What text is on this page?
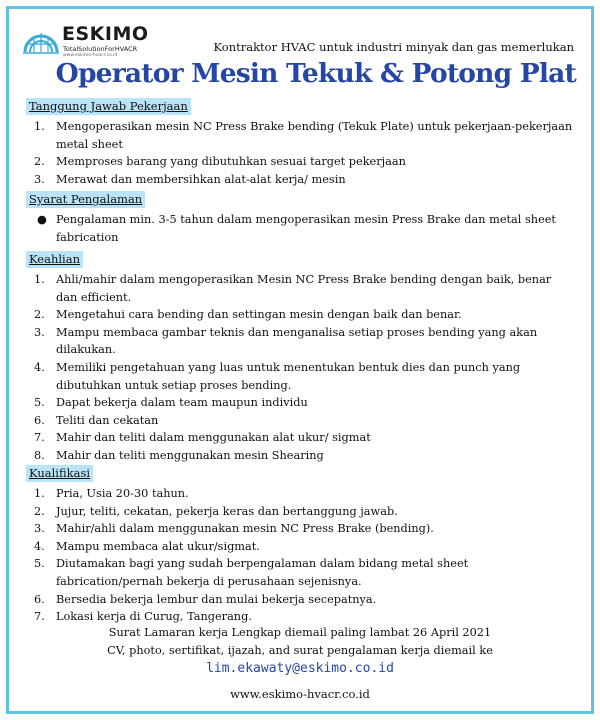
ESKIMO
TotalSolutionForHVACR
www.eskimo-hvacr.co.id
Kontraktor HVAC untuk industri minyak dan gas memerlukan
Operator Mesin Tekuk & Potong Plat
Tanggung Jawab Pekerjaan
1. Mengoperasikan mesin NC Press Brake bending (Tekuk Plate) untuk pekerjaan-pekerjaan metal sheet
2. Memproses barang yang dibutuhkan sesuai target pekerjaan
3. Merawat dan membersihkan alat-alat kerja/ mesin
Syarat Pengalaman
● Pengalaman min. 3-5 tahun dalam mengoperasikan mesin Press Brake dan metal sheet fabrication
Keahlian
1. Ahli/mahir dalam mengoperasikan Mesin NC Press Brake bending dengan baik, benar dan efficient.
2. Mengetahui cara bending dan settingan mesin dengan baik dan benar.
3. Mampu membaca gambar teknis dan menganalisa setiap proses bending yang akan dilakukan.
4. Memiliki pengetahuan yang luas untuk menentukan bentuk dies dan punch yang dibutuhkan untuk setiap proses bending.
5. Dapat bekerja dalam team maupun individu
6. Teliti dan cekatan
7. Mahir dan teliti dalam menggunakan alat ukur/ sigmat
8. Mahir dan teliti menggunakan mesin Shearing
Kualifikasi
1. Pria, Usia 20-30 tahun.
2. Jujur, teliti, cekatan, pekerja keras dan bertanggung jawab.
3. Mahir/ahli dalam menggunakan mesin NC Press Brake (bending).
4. Mampu membaca alat ukur/sigmat.
5. Diutamakan bagi yang sudah berpengalaman dalam bidang metal sheet fabrication/pernah bekerja di perusahaan sejenisnya.
6. Bersedia bekerja lembur dan mulai bekerja secepatnya.
7. Lokasi kerja di Curug, Tangerang.
Surat Lamaran kerja Lengkap diemail paling lambat 26 April 2021
CV, photo, sertifikat, ijazah, and surat pengalaman kerja diemail ke
lim.ekawaty@eskimo.co.id
www.eskimo-hvacr.co.id
